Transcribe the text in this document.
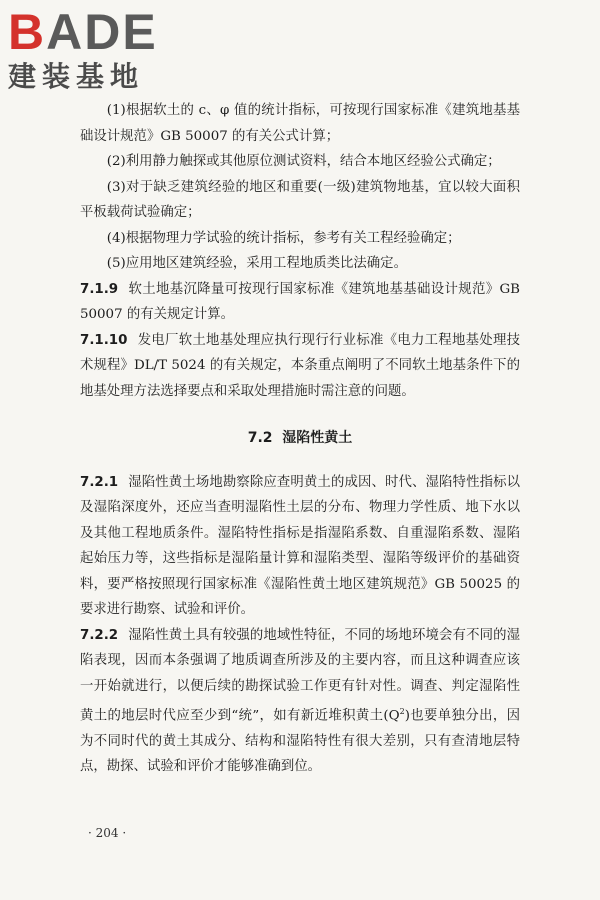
BADE
建装基地

(1)根据软土的 c、φ 值的统计指标，可按现行国家标准《建筑地基基础设计规范》GB 50007 的有关公式计算；

(2)利用静力触探或其他原位测试资料，结合本地区经验公式确定；

(3)对于缺乏建筑经验的地区和重要(一级)建筑物地基，宜以较大面积平板载荷试验确定；

(4)根据物理力学试验的统计指标，参考有关工程经验确定；

(5)应用地区建筑经验，采用工程地质类比法确定。

7.1.9 软土地基沉降量可按现行国家标准《建筑地基基础设计规范》GB 50007 的有关规定计算。

7.1.10 发电厂软土地基处理应执行现行行业标准《电力工程地基处理技术规程》DL/T 5024 的有关规定，本条重点阐明了不同软土地基条件下的地基处理方法选择要点和采取处理措施时需注意的问题。

7.2 湿陷性黄土

7.2.1 湿陷性黄土场地勘察除应查明黄土的成因、时代、湿陷特性指标以及湿陷深度外，还应当查明湿陷性土层的分布、物理力学性质、地下水以及其他工程地质条件。湿陷特性指标是指湿陷系数、自重湿陷系数、湿陷起始压力等，这些指标是湿陷量计算和湿陷类型、湿陷等级评价的基础资料，要严格按照现行国家标准《湿陷性黄土地区建筑规范》GB 50025 的要求进行勘察、试验和评价。

7.2.2 湿陷性黄土具有较强的地域性特征，不同的场地环境会有不同的湿陷表现，因而本条强调了地质调查所涉及的主要内容，而且这种调查应该一开始就进行，以便后续的勘探试验工作更有针对性。调查、判定湿陷性黄土的地层时代应至少到“统”，如有新近堆积黄土$(Q^2)$也要单独分出，因为不同时代的黄土其成分、结构和湿陷特性有很大差别，只有查清地层特点，勘探、试验和评价才能够准确到位。

· 204 ·
